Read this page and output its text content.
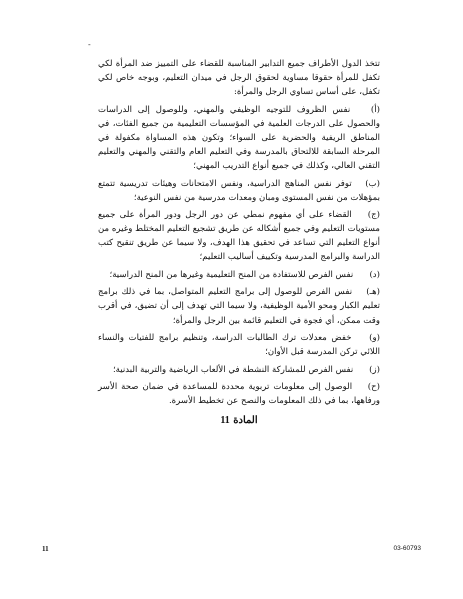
-

تتخذ الدول الأطراف جميع التدابير المناسبة للقضاء على التمييز ضد المرأة لكي تكفل للمرأة حقوقا مساوية لحقوق الرجل في ميدان التعليم، وبوجه خاص لكي تكفل، على أساس تساوي الرجل والمرأة:

(أ) نفس الظروف للتوجيه الوظيفي والمهني، وللوصول إلى الدراسات والحصول على الدرجات العلمية في المؤسسات التعليمية من جميع الفئات، في المناطق الريفية والحضرية على السواء؛ وتكون هذه المساواة مكفولة في المرحلة السابقة للالتحاق بالمدرسة وفي التعليم العام والتقني والمهني والتعليم التقني العالي، وكذلك في جميع أنواع التدريب المهني؛

(ب) توفر نفس المناهج الدراسية، ونفس الامتحانات وهيئات تدريسية تتمتع بمؤهلات من نفس المستوى ومبان ومعدات مدرسية من نفس النوعية؛

(ج) القضاء على أي مفهوم نمطي عن دور الرجل ودور المرأة على جميع مستويات التعليم وفي جميع أشكاله عن طريق تشجيع التعليم المختلط وغيره من أنواع التعليم التي تساعد في تحقيق هذا الهدف، ولا سيما عن طريق تنقيح كتب الدراسة والبرامج المدرسية وتكييف أساليب التعليم؛

(د) نفس الفرص للاستفادة من المنح التعليمية وغيرها من المنح الدراسية؛

(هـ) نفس الفرص للوصول إلى برامج التعليم المتواصل، بما في ذلك برامج تعليم الكبار ومحو الأمية الوظيفية، ولا سيما التي تهدف إلى أن تضيق، في أقرب وقت ممكن، أي فجوة في التعليم قائمة بين الرجل والمرأة؛

(و) خفض معدلات ترك الطالبات الدراسة، وتنظيم برامج للفتيات والنساء اللائي تركن المدرسة قبل الأوان؛

(ز) نفس الفرص للمشاركة النشطة في الألعاب الرياضية والتربية البدنية؛

(ح) الوصول إلى معلومات تربوية محددة للمساعدة في ضمان صحة الأسر ورفاهها، بما في ذلك المعلومات والنصح عن تخطيط الأسرة.

المادة 11
11	03-60793
